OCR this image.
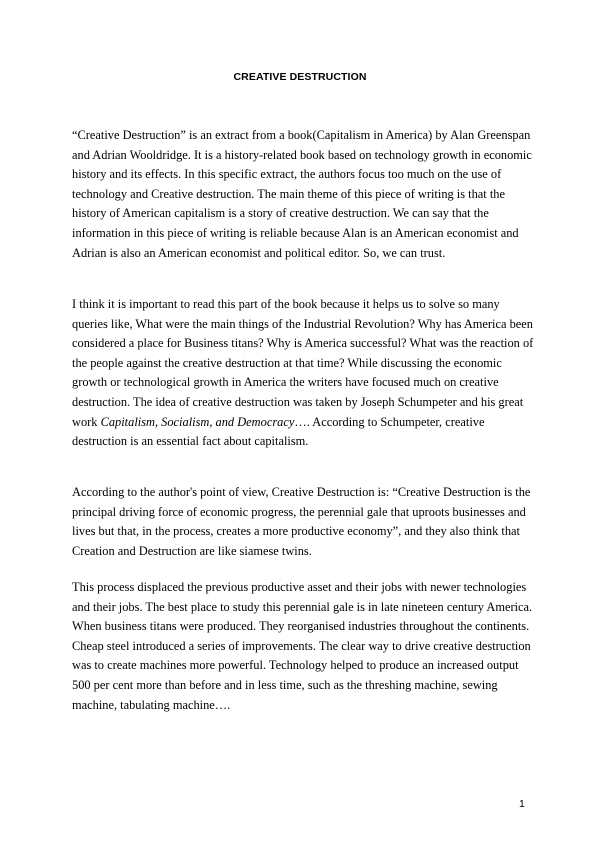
CREATIVE DESTRUCTION
“Creative Destruction” is an extract from a book(Capitalism in America) by Alan Greenspan
and Adrian Wooldridge. It is a history-related book based on technology growth in economic
history and its effects. In this specific extract, the authors focus too much on the use of
technology and Creative destruction. The main theme of this piece of writing is that the
history of American capitalism is a story of creative destruction. We can say that the
information in this piece of writing is reliable because Alan is an American economist and
Adrian is also an American economist and political editor. So, we can trust.
I think it is important to read this part of the book because it helps us to solve so many
queries like, What were the main things of the Industrial Revolution? Why has America been
considered a place for Business titans? Why is America successful? What was the reaction of
the people against the creative destruction at that time? While discussing the economic
growth or technological growth in America the writers have focused much on creative
destruction. The idea of creative destruction was taken by Joseph Schumpeter and his great
work Capitalism, Socialism, and Democracy…. According to Schumpeter, creative
destruction is an essential fact about capitalism.
According to the author's point of view, Creative Destruction is: “Creative Destruction is the
principal driving force of economic progress, the perennial gale that uproots businesses and
lives but that, in the process, creates a more productive economy”, and they also think that
Creation and Destruction are like siamese twins.
This process displaced the previous productive asset and their jobs with newer technologies
and their jobs. The best place to study this perennial gale is in late nineteen century America.
When business titans were produced. They reorganised industries throughout the continents.
Cheap steel introduced a series of improvements. The clear way to drive creative destruction
was to create machines more powerful. Technology helped to produce an increased output
500 per cent more than before and in less time, such as the threshing machine, sewing
machine, tabulating machine….
1
